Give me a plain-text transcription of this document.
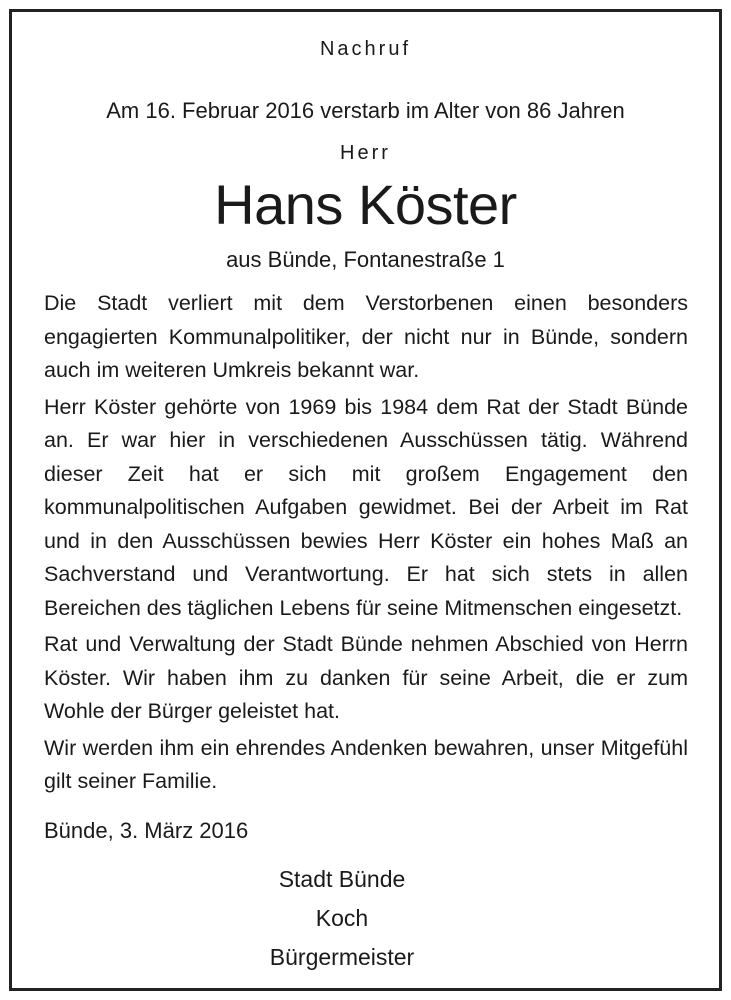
Nachruf
Am 16. Februar 2016 verstarb im Alter von 86 Jahren
Herr
Hans Köster
aus Bünde, Fontanestraße 1

Die Stadt verliert mit dem Verstorbenen einen besonders engagierten Kommunalpolitiker, der nicht nur in Bünde, sondern auch im weiteren Umkreis bekannt war.

Herr Köster gehörte von 1969 bis 1984 dem Rat der Stadt Bünde an. Er war hier in verschiedenen Ausschüssen tätig. Während dieser Zeit hat er sich mit großem Engagement den kommunalpolitischen Aufgaben gewidmet. Bei der Arbeit im Rat und in den Ausschüssen bewies Herr Köster ein hohes Maß an Sachverstand und Verantwortung. Er hat sich stets in allen Bereichen des täglichen Lebens für seine Mitmenschen eingesetzt.

Rat und Verwaltung der Stadt Bünde nehmen Abschied von Herrn Köster. Wir haben ihm zu danken für seine Arbeit, die er zum Wohle der Bürger geleistet hat.

Wir werden ihm ein ehrendes Andenken bewahren, unser Mitgefühl gilt seiner Familie.

Bünde, 3. März 2016
Stadt Bünde
Koch
Bürgermeister
